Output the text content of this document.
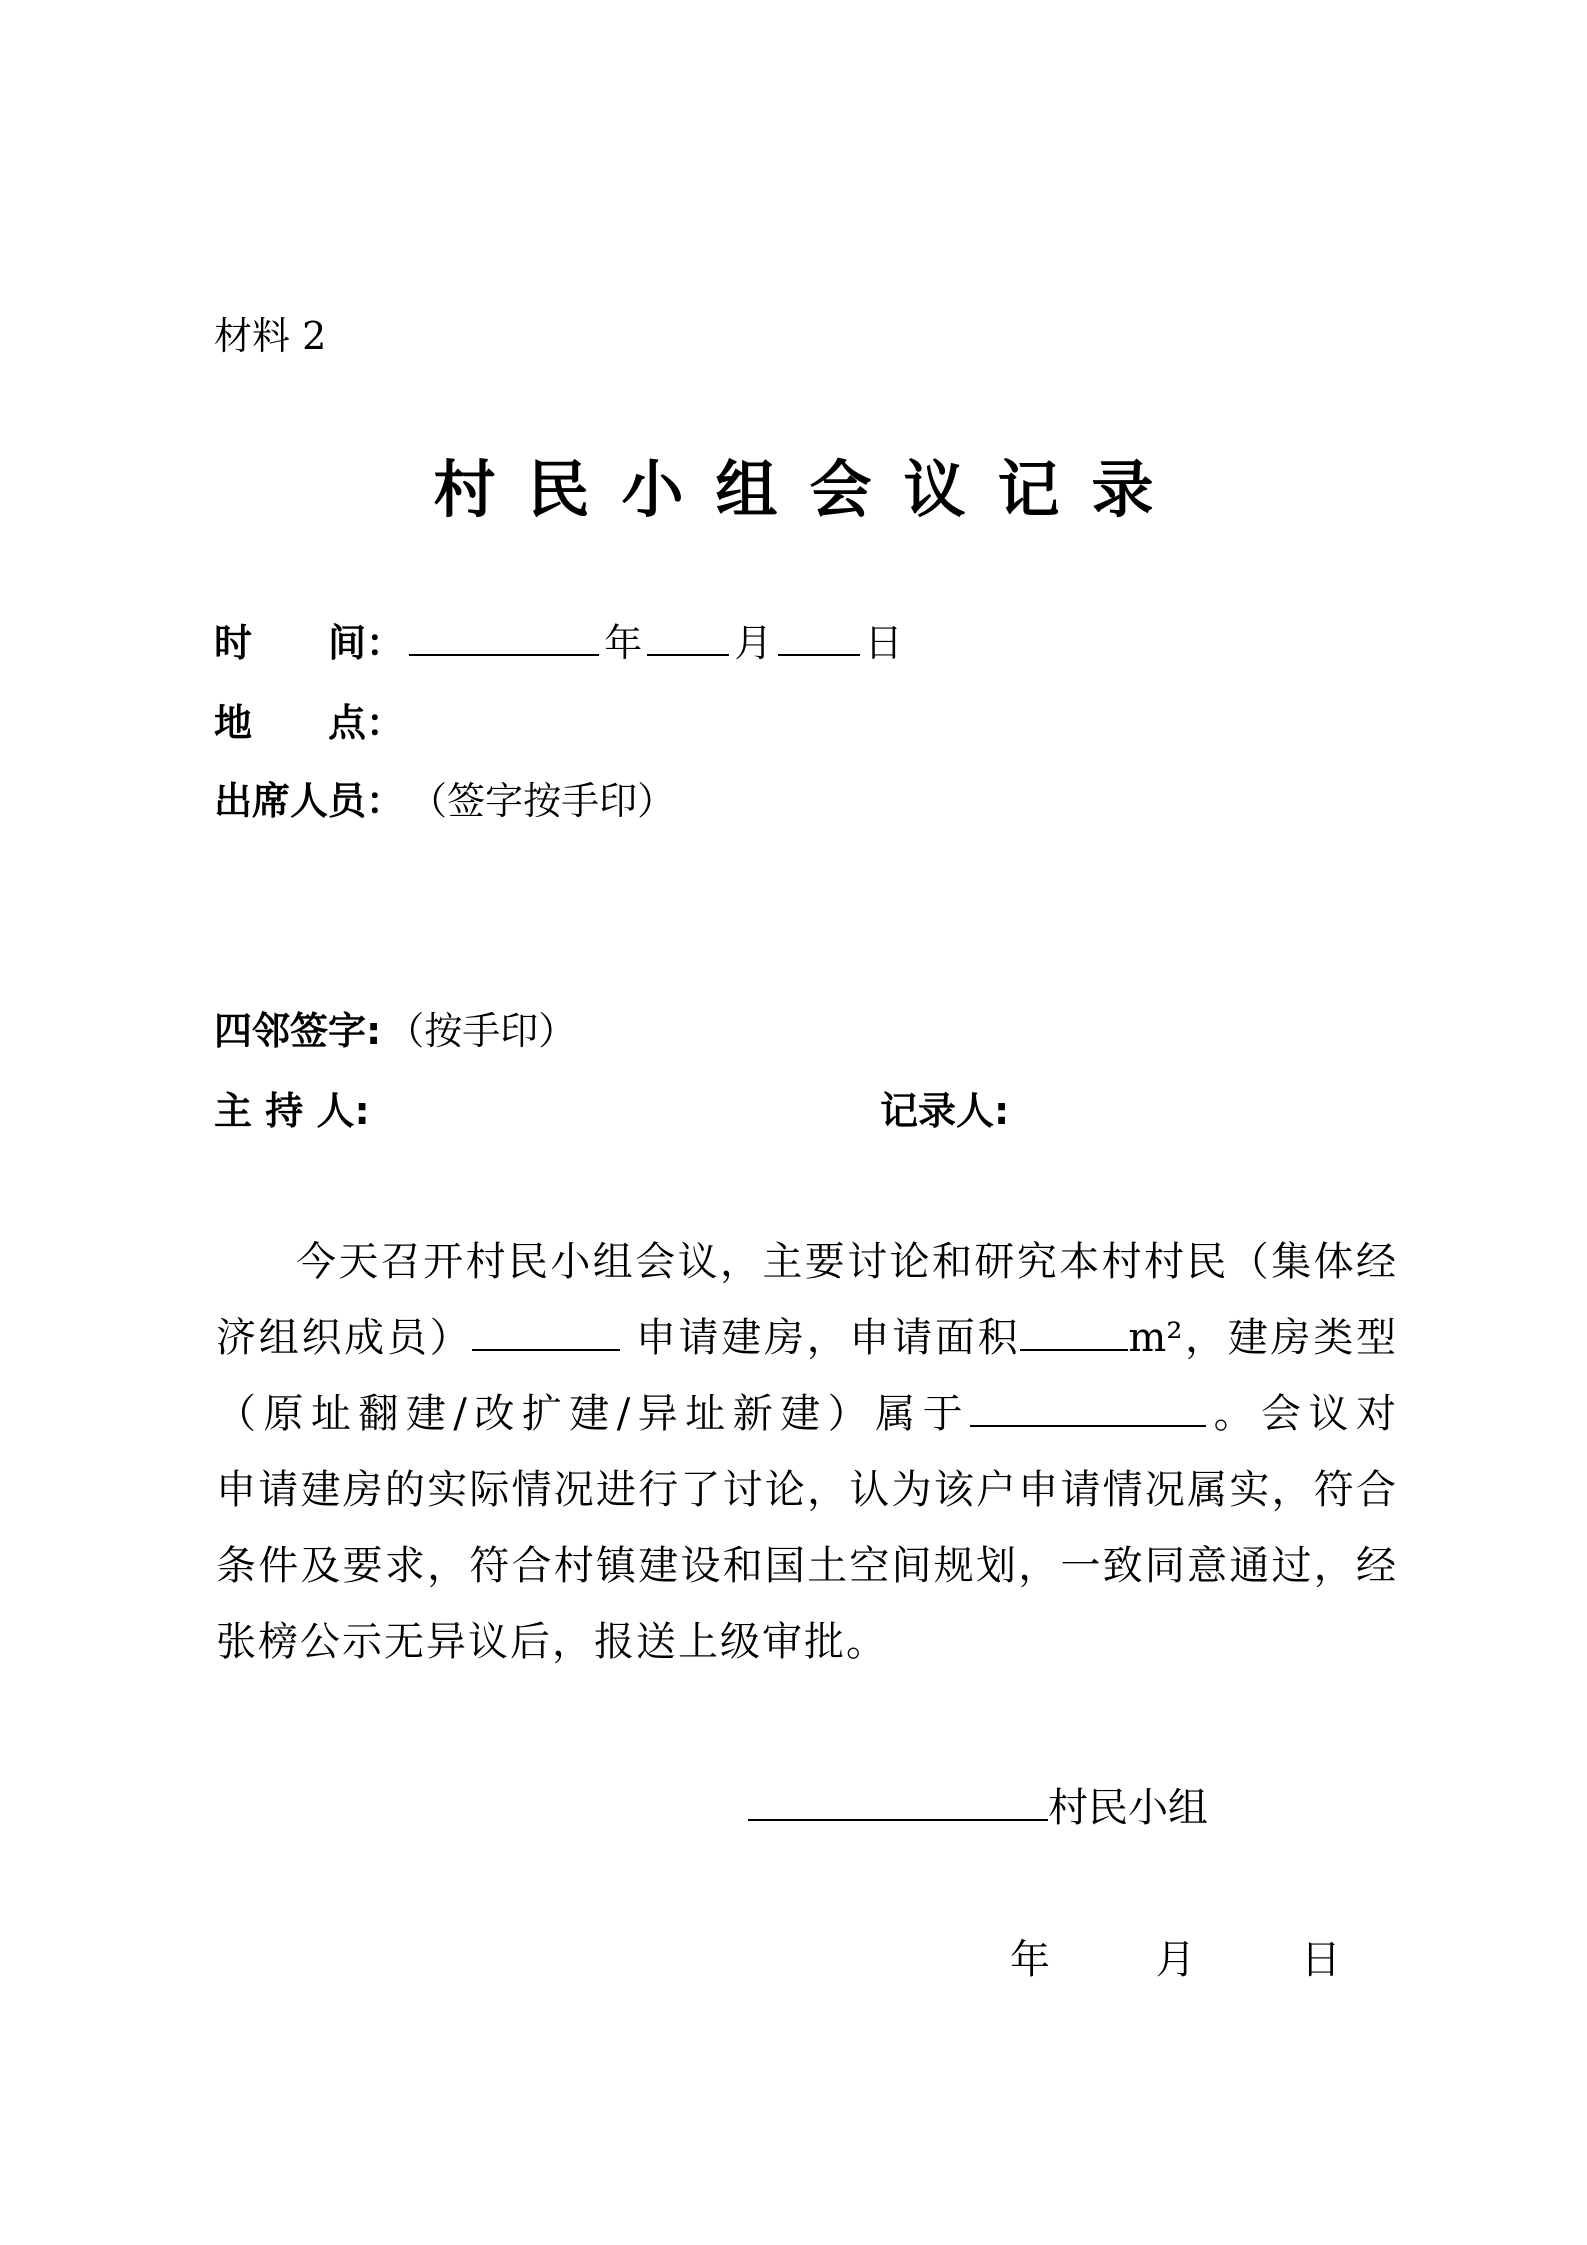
材料 2
村 民 小 组 会 议 记 录
时　　间：	年 月 日
地　　点：
出席人员： （签字按手印）
四邻签字: （按手印）
主 持 人:	记录人:
今天召开村民小组会议，主要讨论和研究本村村民（集体经
济组织成员）	申请建房，申请面积	m²，建房类型
（原址翻建/改扩建/异址新建）属于	。会议对
申请建房的实际情况进行了讨论，认为该户申请情况属实，符合
条件及要求，符合村镇建设和国土空间规划，一致同意通过，经
张榜公示无异议后，报送上级审批。
村民小组
年	月	日
